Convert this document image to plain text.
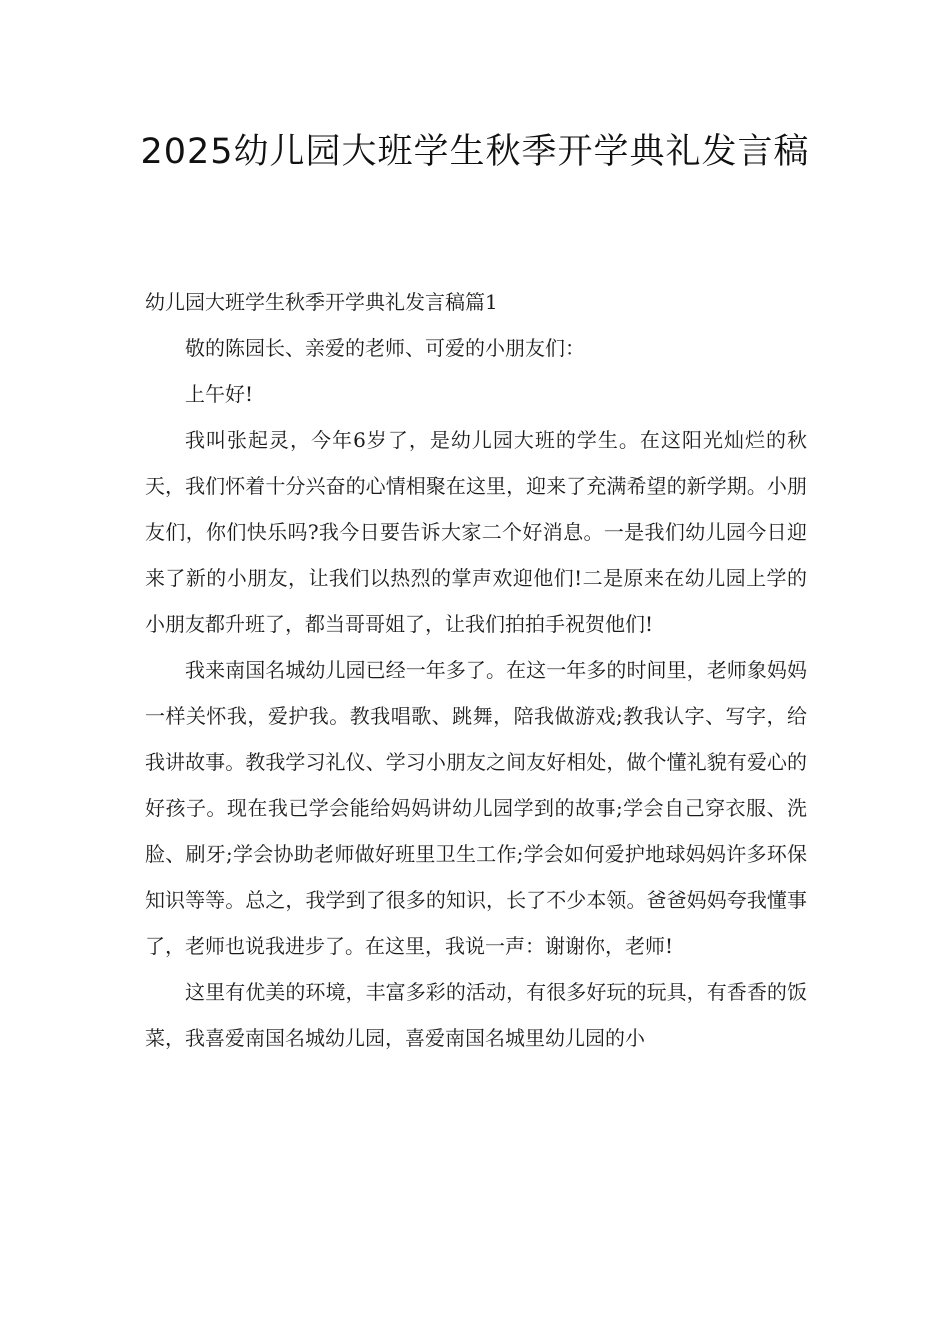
2025幼儿园大班学生秋季开学典礼发言稿

幼儿园大班学生秋季开学典礼发言稿篇1

敬的陈园长、亲爱的老师、可爱的小朋友们：

上午好!

我叫张起灵，今年6岁了，是幼儿园大班的学生。在这阳光灿烂的秋天，我们怀着十分兴奋的心情相聚在这里，迎来了充满希望的新学期。小朋友们，你们快乐吗?我今日要告诉大家二个好消息。一是我们幼儿园今日迎来了新的小朋友，让我们以热烈的掌声欢迎他们!二是原来在幼儿园上学的小朋友都升班了，都当哥哥姐了，让我们拍拍手祝贺他们!

我来南国名城幼儿园已经一年多了。在这一年多的时间里，老师象妈妈一样关怀我，爱护我。教我唱歌、跳舞，陪我做游戏;教我认字、写字，给我讲故事。教我学习礼仪、学习小朋友之间友好相处，做个懂礼貌有爱心的好孩子。现在我已学会能给妈妈讲幼儿园学到的故事;学会自己穿衣服、洗脸、刷牙;学会协助老师做好班里卫生工作;学会如何爱护地球妈妈许多环保知识等等。总之，我学到了很多的知识，长了不少本领。爸爸妈妈夸我懂事了，老师也说我进步了。在这里，我说一声：谢谢你，老师!

这里有优美的环境，丰富多彩的活动，有很多好玩的玩具，有香香的饭菜，我喜爱南国名城幼儿园，喜爱南国名城里幼儿园的小
